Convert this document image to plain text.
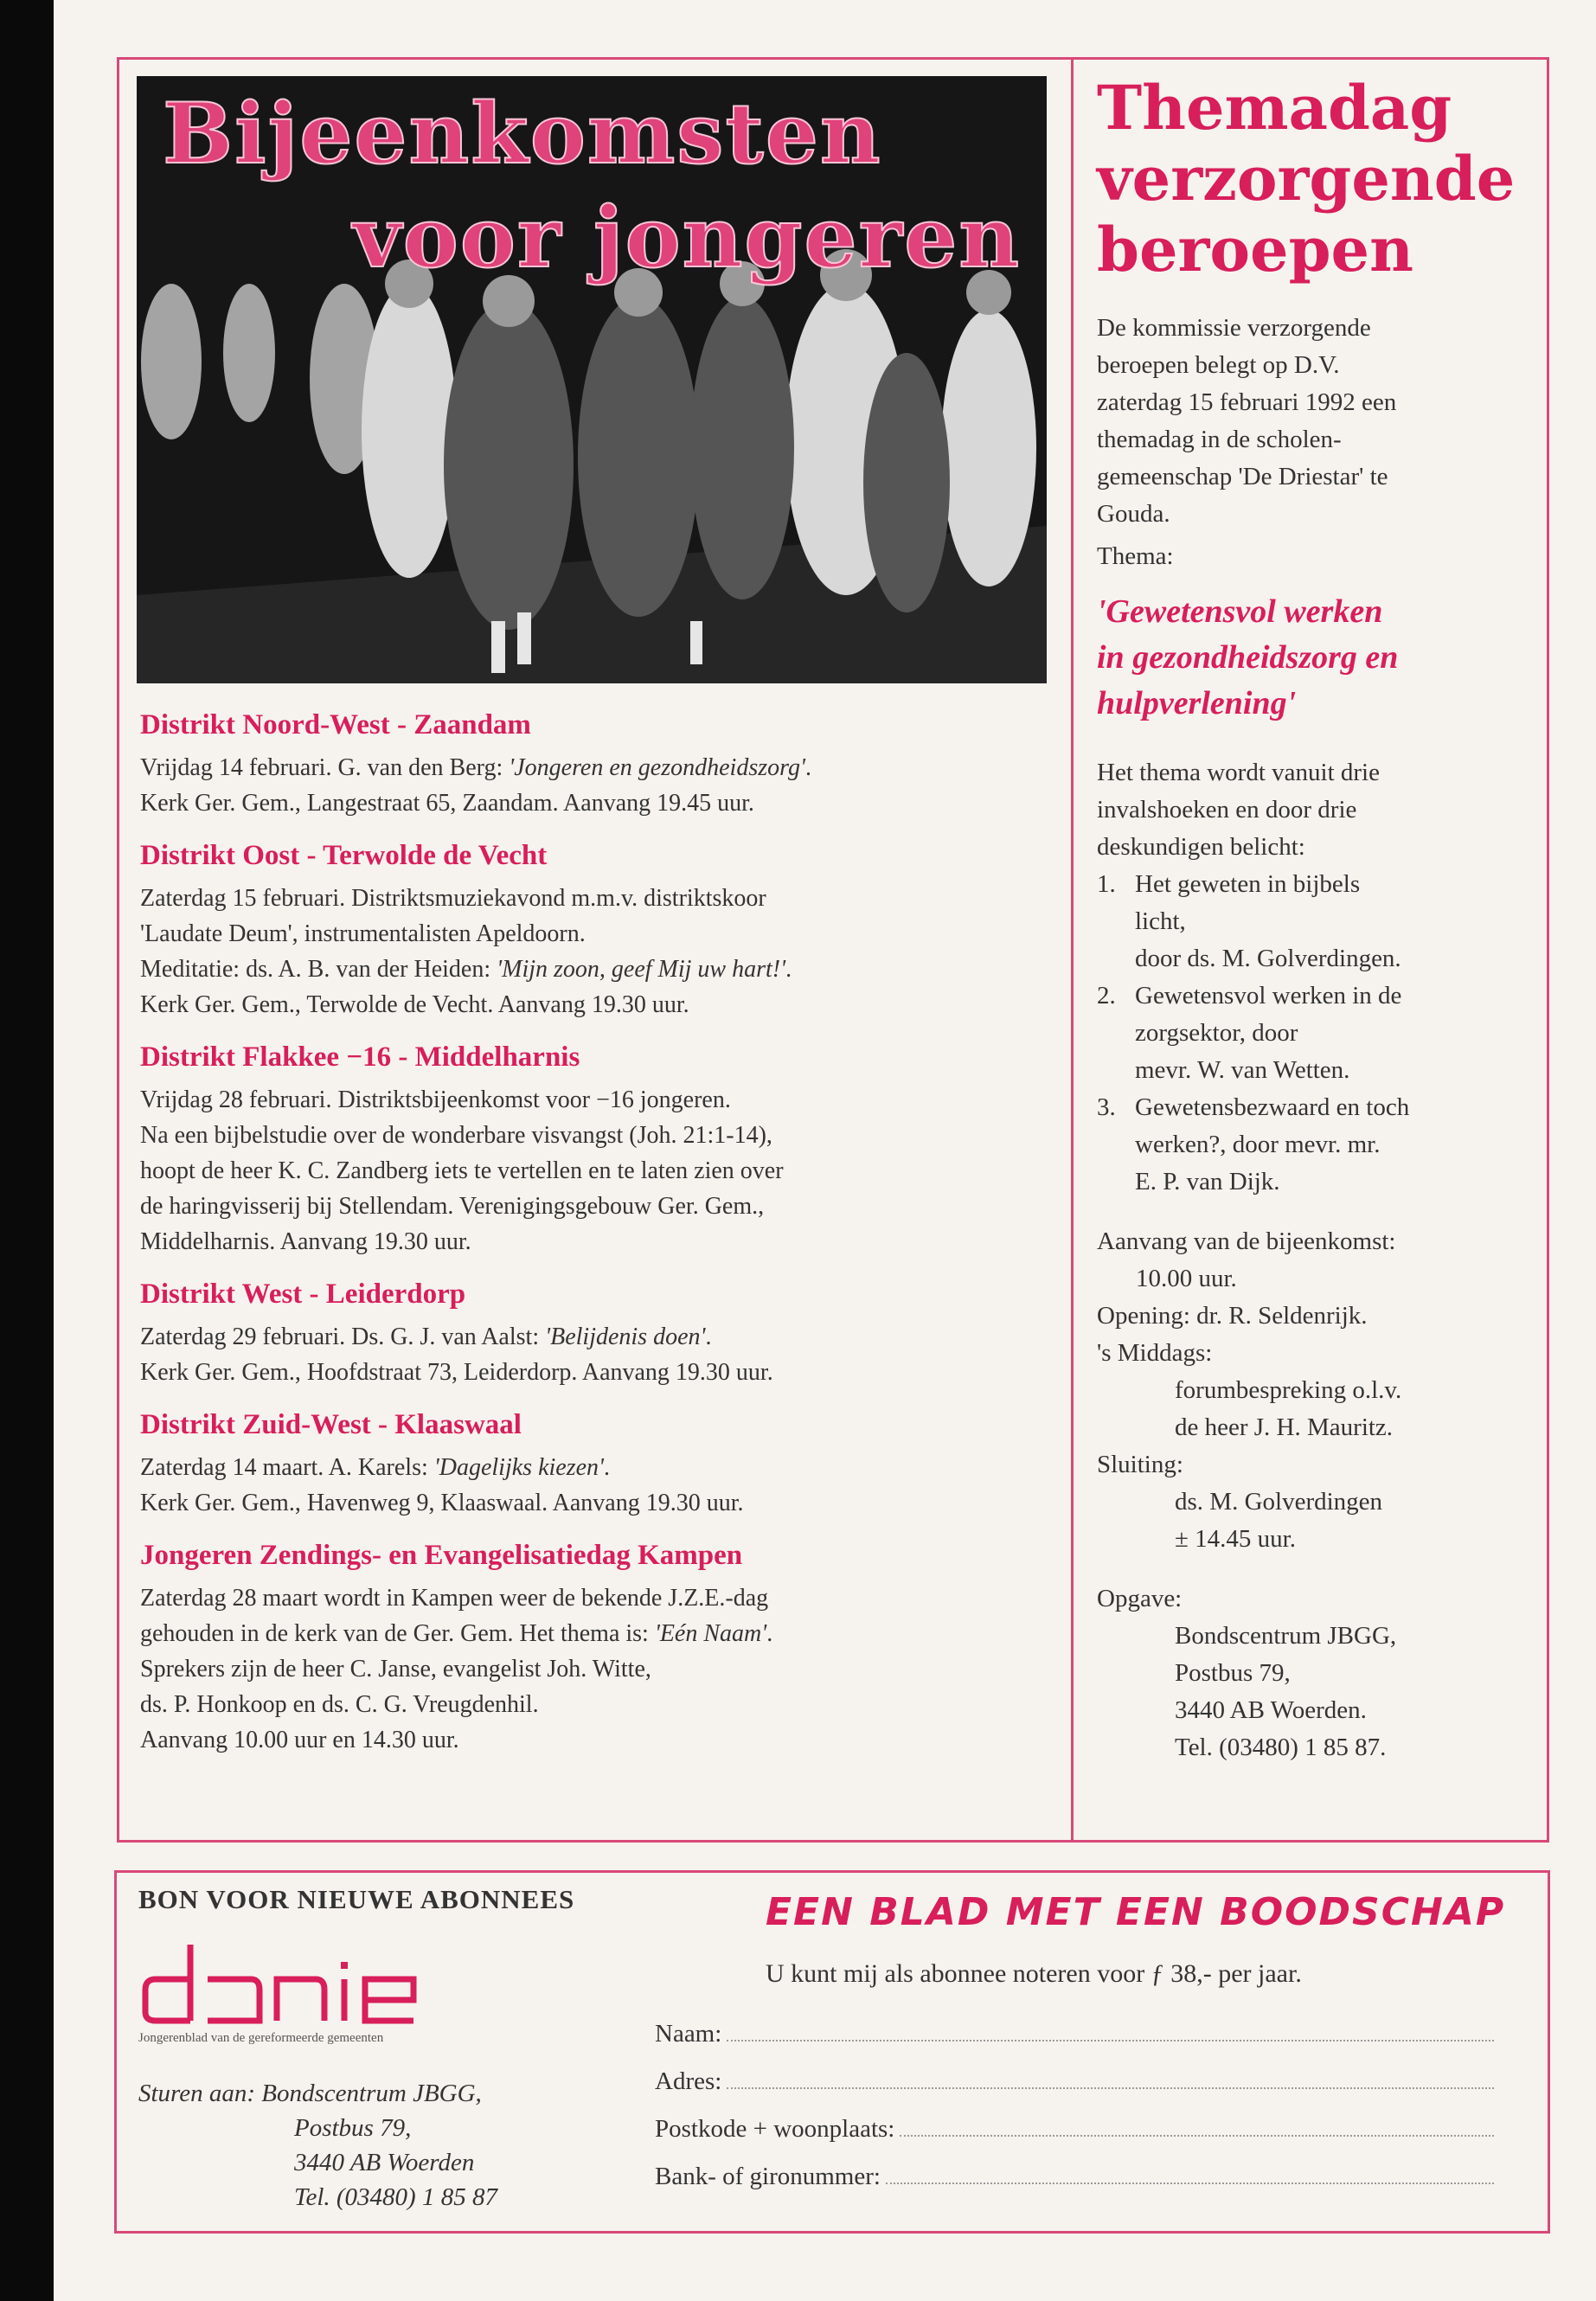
Bijeenkomsten
voor jongeren
Distrikt Noord-West - Zaandam

Vrijdag 14 februari. G. van den Berg: 'Jongeren en gezondheidszorg'.
Kerk Ger. Gem., Langestraat 65, Zaandam. Aanvang 19.45 uur.

Distrikt Oost - Terwolde de Vecht

Zaterdag 15 februari. Distriktsmuziekavond m.m.v. distriktskoor
'Laudate Deum', instrumentalisten Apeldoorn.
Meditatie: ds. A. B. van der Heiden: 'Mijn zoon, geef Mij uw hart!'.
Kerk Ger. Gem., Terwolde de Vecht. Aanvang 19.30 uur.

Distrikt Flakkee −16 - Middelharnis

Vrijdag 28 februari. Distriktsbijeenkomst voor −16 jongeren.
Na een bijbelstudie over de wonderbare visvangst (Joh. 21:1-14),
hoopt de heer K. C. Zandberg iets te vertellen en te laten zien over
de haringvisserij bij Stellendam. Verenigingsgebouw Ger. Gem.,
Middelharnis. Aanvang 19.30 uur.

Distrikt West - Leiderdorp

Zaterdag 29 februari. Ds. G. J. van Aalst: 'Belijdenis doen'.
Kerk Ger. Gem., Hoofdstraat 73, Leiderdorp. Aanvang 19.30 uur.

Distrikt Zuid-West - Klaaswaal

Zaterdag 14 maart. A. Karels: 'Dagelijks kiezen'.
Kerk Ger. Gem., Havenweg 9, Klaaswaal. Aanvang 19.30 uur.

Jongeren Zendings- en Evangelisatiedag Kampen

Zaterdag 28 maart wordt in Kampen weer de bekende J.Z.E.-dag
gehouden in de kerk van de Ger. Gem. Het thema is: 'Eén Naam'.
Sprekers zijn de heer C. Janse, evangelist Joh. Witte,
ds. P. Honkoop en ds. C. G. Vreugdenhil.
Aanvang 10.00 uur en 14.30 uur.

Themadag
verzorgende
beroepen

De kommissie verzorgende

beroepen belegt op D.V.

zaterdag 15 februari 1992 een

themadag in de scholen-

gemeenschap 'De Driestar' te

Gouda.

Thema:

'Gewetensvol werken
in gezondheidszorg en
hulpverlening'

Het thema wordt vanuit drie

invalshoeken en door drie

deskundigen belicht:

1. Het geweten in bijbels
licht,
door ds. M. Golverdingen.
2. Gewetensvol werken in de
zorgsektor, door
mevr. W. van Wetten.
3. Gewetensbezwaard en toch
werken?, door mevr. mr.
E. P. van Dijk.

Aanvang van de bijeenkomst:

10.00 uur.

Opening: dr. R. Seldenrijk.

's Middags:

forumbespreking o.l.v.

de heer J. H. Mauritz.

Sluiting:

ds. M. Golverdingen

± 14.45 uur.

Opgave:

Bondscentrum JBGG,

Postbus 79,

3440 AB Woerden.

Tel. (03480) 1 85 87.

BON VOOR NIEUWE ABONNEES
Jongerenblad van de gereformeerde gemeenten
Sturen aan: Bondscentrum JBGG,
Postbus 79,
3440 AB Woerden
Tel. (03480) 1 85 87
EEN BLAD MET EEN BOODSCHAP
U kunt mij als abonnee noteren voor ƒ 38,- per jaar.
Naam:
Adres:
Postkode + woonplaats:
Bank- of gironummer:
